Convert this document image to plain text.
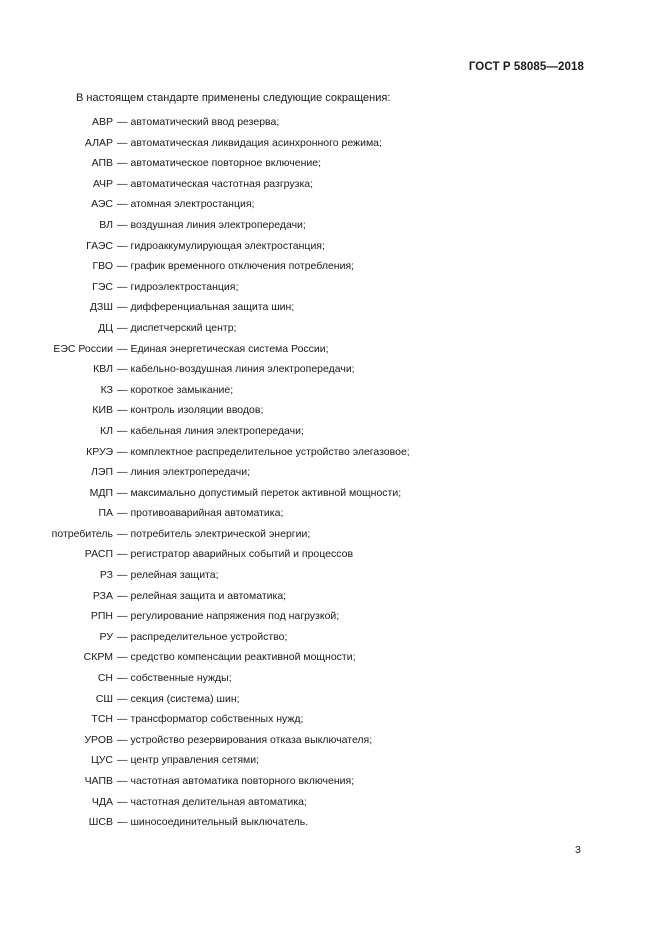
ГОСТ Р 58085—2018
В настоящем стандарте применены следующие сокращения:
АВР — автоматический ввод резерва;
АЛАР — автоматическая ликвидация асинхронного режима;
АПВ — автоматическое повторное включение;
АЧР — автоматическая частотная разгрузка;
АЭС — атомная электростанция;
ВЛ — воздушная линия электропередачи;
ГАЭС — гидроаккумулирующая электростанция;
ГВО — график временного отключения потребления;
ГЭС — гидроэлектростанция;
ДЗШ — дифференциальная защита шин;
ДЦ — диспетчерский центр;
ЕЭС России — Единая энергетическая система России;
КВЛ — кабельно-воздушная линия электропередачи;
КЗ — короткое замыкание;
КИВ — контроль изоляции вводов;
КЛ — кабельная линия электропередачи;
КРУЭ — комплектное распределительное устройство элегазовое;
ЛЭП — линия электропередачи;
МДП — максимально допустимый переток активной мощности;
ПА — противоаварийная автоматика;
потребитель — потребитель электрической энергии;
РАСП — регистратор аварийных событий и процессов
РЗ — релейная защита;
РЗА — релейная защита и автоматика;
РПН — регулирование напряжения под нагрузкой;
РУ — распределительное устройство;
СКРМ — средство компенсации реактивной мощности;
СН — собственные нужды;
СШ — секция (система) шин;
ТСН — трансформатор собственных нужд;
УРОВ — устройство резервирования отказа выключателя;
ЦУС — центр управления сетями;
ЧАПВ — частотная автоматика повторного включения;
ЧДА — частотная делительная автоматика;
ШСВ — шиносоединительный выключатель.
3
